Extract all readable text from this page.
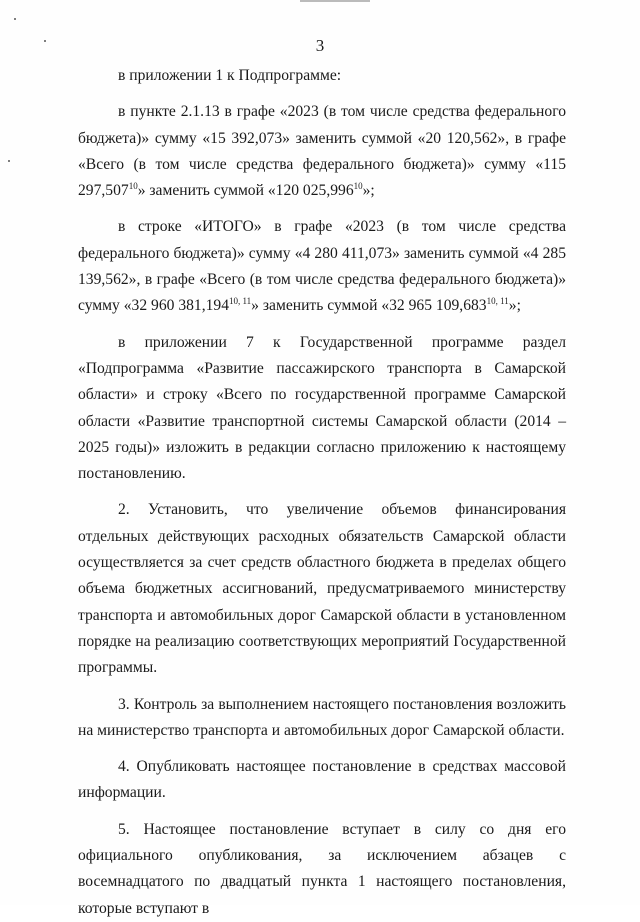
3

в приложении 1 к Подпрограмме:

в пункте 2.1.13 в графе «2023 (в том числе средства федерального бюджета)» сумму «15 392,073» заменить суммой «20 120,562», в графе «Всего (в том числе средства федерального бюджета)» сумму «115 297,507$^{10}$» заменить суммой «120 025,996$^{10}$»;

в строке «ИТОГО» в графе «2023 (в том числе средства федерального бюджета)» сумму «4 280 411,073» заменить суммой «4 285 139,562», в графе «Всего (в том числе средства федерального бюджета)» сумму «32 960 381,194$^{10, 11}$» заменить суммой «32 965 109,683$^{10, 11}$»;

в приложении 7 к Государственной программе раздел «Подпрограмма «Развитие пассажирского транспорта в Самарской области» и строку «Всего по государственной программе Самарской области «Развитие транспортной системы Самарской области (2014 – 2025 годы)» изложить в редакции согласно приложению к настоящему постановлению.

2. Установить, что увеличение объемов финансирования отдельных действующих расходных обязательств Самарской области осуществляется за счет средств областного бюджета в пределах общего объема бюджетных ассигнований, предусматриваемого министерству транспорта и автомобильных дорог Самарской области в установленном порядке на реализацию соответствующих мероприятий Государственной программы.

3. Контроль за выполнением настоящего постановления возложить на министерство транспорта и автомобильных дорог Самарской области.

4. Опубликовать настоящее постановление в средствах массовой информации.

5. Настоящее постановление вступает в силу со дня его официального опубликования, за исключением абзацев с восемнадцатого по двадцатый пункта 1 настоящего постановления, которые вступают в
